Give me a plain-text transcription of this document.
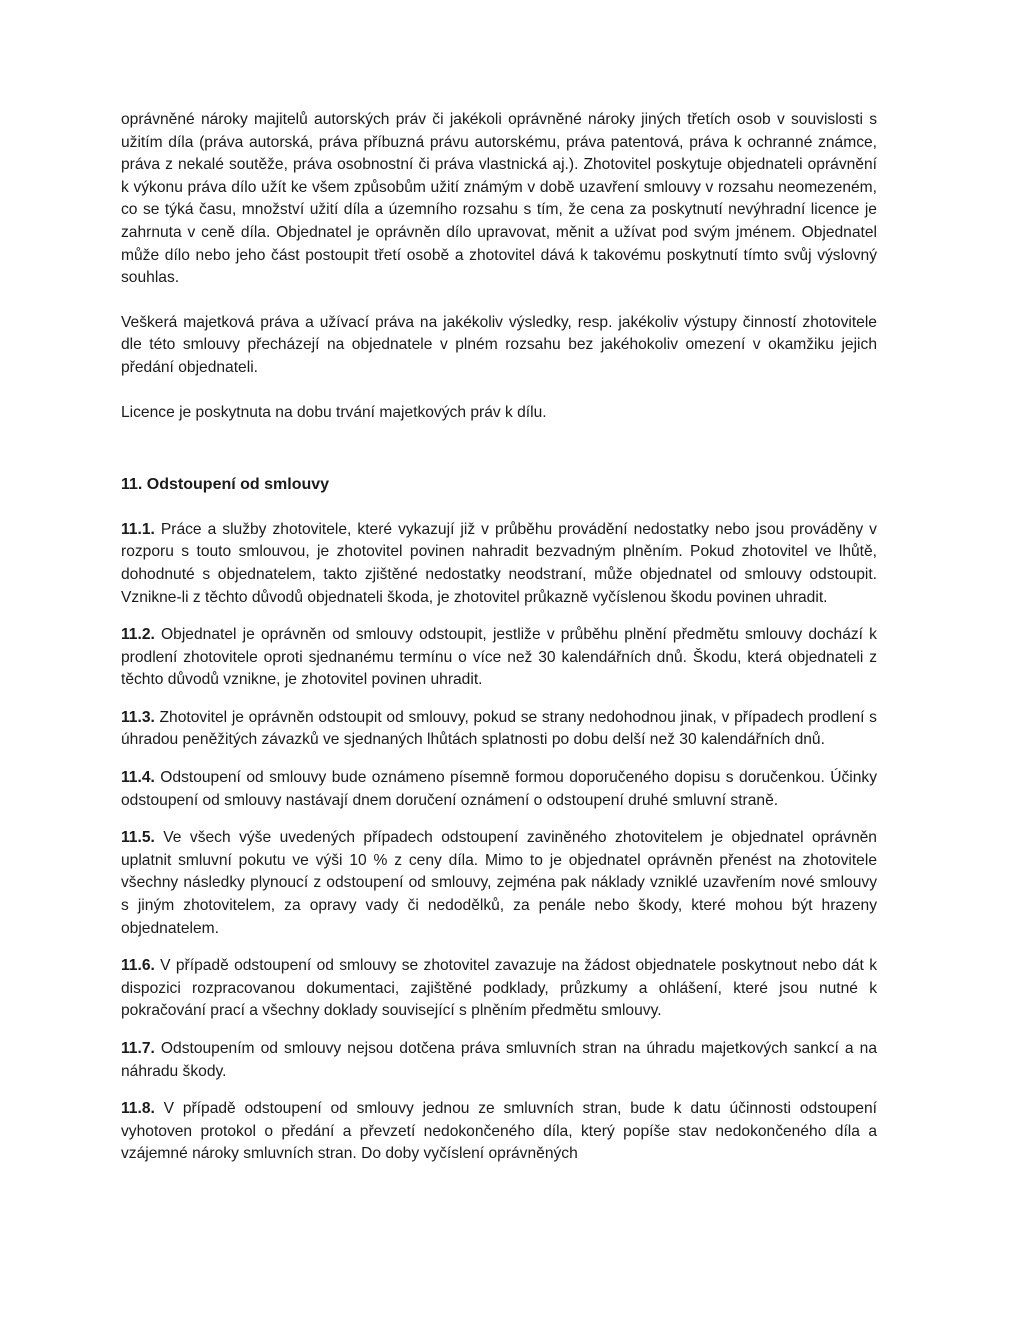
oprávněné nároky majitelů autorských práv či jakékoli oprávněné nároky jiných třetích osob v souvislosti s užitím díla (práva autorská, práva příbuzná právu autorskému, práva patentová, práva k ochranné známce, práva z nekalé soutěže, práva osobnostní či práva vlastnická aj.). Zhotovitel poskytuje objednateli oprávnění k výkonu práva dílo užít ke všem způsobům užití známým v době uzavření smlouvy v rozsahu neomezeném, co se týká času, množství užití díla a územního rozsahu s tím, že cena za poskytnutí nevýhradní licence je zahrnuta v ceně díla. Objednatel je oprávněn dílo upravovat, měnit a užívat pod svým jménem. Objednatel může dílo nebo jeho část postoupit třetí osobě a zhotovitel dává k takovému poskytnutí tímto svůj výslovný souhlas.

Veškerá majetková práva a užívací práva na jakékoliv výsledky, resp. jakékoliv výstupy činností zhotovitele dle této smlouvy přecházejí na objednatele v plném rozsahu bez jakéhokoliv omezení v okamžiku jejich předání objednateli.

Licence je poskytnuta na dobu trvání majetkových práv k dílu.

11. Odstoupení od smlouvy

11.1. Práce a služby zhotovitele, které vykazují již v průběhu provádění nedostatky nebo jsou prováděny v rozporu s touto smlouvou, je zhotovitel povinen nahradit bezvadným plněním. Pokud zhotovitel ve lhůtě, dohodnuté s objednatelem, takto zjištěné nedostatky neodstraní, může objednatel od smlouvy odstoupit. Vznikne-li z těchto důvodů objednateli škoda, je zhotovitel průkazně vyčíslenou škodu povinen uhradit.

11.2. Objednatel je oprávněn od smlouvy odstoupit, jestliže v průběhu plnění předmětu smlouvy dochází k prodlení zhotovitele oproti sjednanému termínu o více než 30 kalendářních dnů. Škodu, která objednateli z těchto důvodů vznikne, je zhotovitel povinen uhradit.

11.3. Zhotovitel je oprávněn odstoupit od smlouvy, pokud se strany nedohodnou jinak, v případech prodlení s úhradou peněžitých závazků ve sjednaných lhůtách splatnosti po dobu delší než 30 kalendářních dnů.

11.4. Odstoupení od smlouvy bude oznámeno písemně formou doporučeného dopisu s doručenkou. Účinky odstoupení od smlouvy nastávají dnem doručení oznámení o odstoupení druhé smluvní straně.

11.5. Ve všech výše uvedených případech odstoupení zaviněného zhotovitelem je objednatel oprávněn uplatnit smluvní pokutu ve výši 10 % z ceny díla. Mimo to je objednatel oprávněn přenést na zhotovitele všechny následky plynoucí z odstoupení od smlouvy, zejména pak náklady vzniklé uzavřením nové smlouvy s jiným zhotovitelem, za opravy vady či nedodělků, za penále nebo škody, které mohou být hrazeny objednatelem.

11.6. V případě odstoupení od smlouvy se zhotovitel zavazuje na žádost objednatele poskytnout nebo dát k dispozici rozpracovanou dokumentaci, zajištěné podklady, průzkumy a ohlášení, které jsou nutné k pokračování prací a všechny doklady související s plněním předmětu smlouvy.

11.7. Odstoupením od smlouvy nejsou dotčena práva smluvních stran na úhradu majetkových sankcí a na náhradu škody.

11.8. V případě odstoupení od smlouvy jednou ze smluvních stran, bude k datu účinnosti odstoupení vyhotoven protokol o předání a převzetí nedokončeného díla, který popíše stav nedokončeného díla a vzájemné nároky smluvních stran. Do doby vyčíslení oprávněných
